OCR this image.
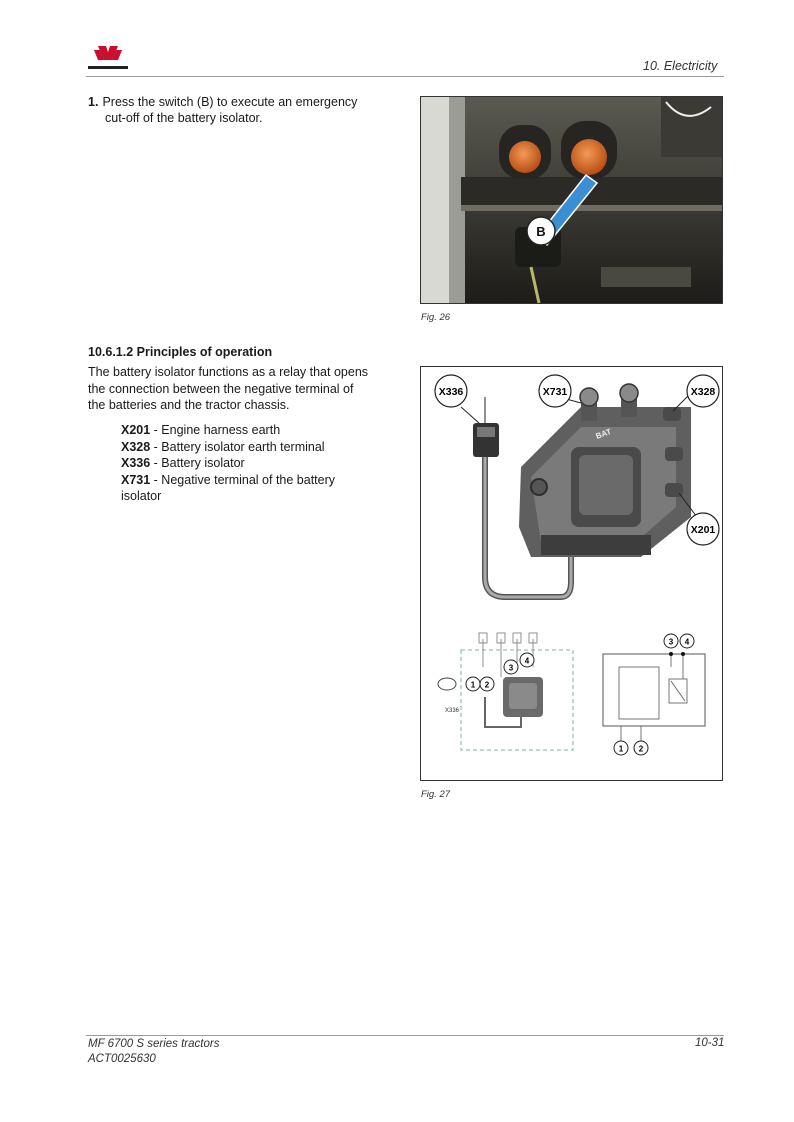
10. Electricity
1. Press the switch (B) to execute an emergency
cut-off of the battery isolator.
B
Fig. 26
10.6.1.2 Principles of operation
The battery isolator functions as a relay that opens
the connection between the negative terminal of
the batteries and the tractor chassis.
X201 - Engine harness earth
X328 - Battery isolator earth terminal
X336 - Battery isolator
X731 - Negative terminal of the battery
isolator
BAT
X336	X731	X328
X201
1 2
3
4
X336
3 4
1 2
Fig. 27
MF 6700 S series tractors
ACT0025630
10-31
